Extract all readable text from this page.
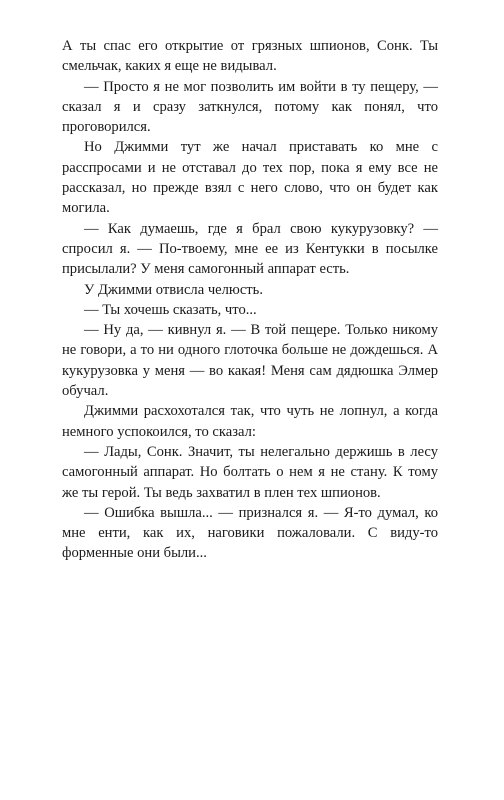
А ты спас его открытие от грязных шпионов, Сонк. Ты смельчак, каких я еще не видывал.

— Просто я не мог позволить им войти в ту пещеру, — сказал я и сразу заткнулся, потому как понял, что проговорился.

Но Джимми тут же начал приставать ко мне с расспросами и не отставал до тех пор, пока я ему все не рассказал, но прежде взял с него слово, что он будет как могила.

— Как думаешь, где я брал свою кукурузовку? — спросил я. — По-твоему, мне ее из Кентукки в посылке присылали? У меня самогонный аппарат есть.

У Джимми отвисла челюсть.

— Ты хочешь сказать, что...

— Ну да, — кивнул я. — В той пещере. Только никому не говори, а то ни одного глоточка больше не дождешься. А кукурузовка у меня — во какая! Меня сам дядюшка Элмер обучал.

Джимми расхохотался так, что чуть не лопнул, а когда немного успокоился, то сказал:

— Лады, Сонк. Значит, ты нелегально держишь в лесу самогонный аппарат. Но болтать о нем я не стану. К тому же ты герой. Ты ведь захватил в плен тех шпионов.

— Ошибка вышла... — признался я. — Я-то думал, ко мне енти, как их, наговики пожаловали. С виду-то форменные они были...
